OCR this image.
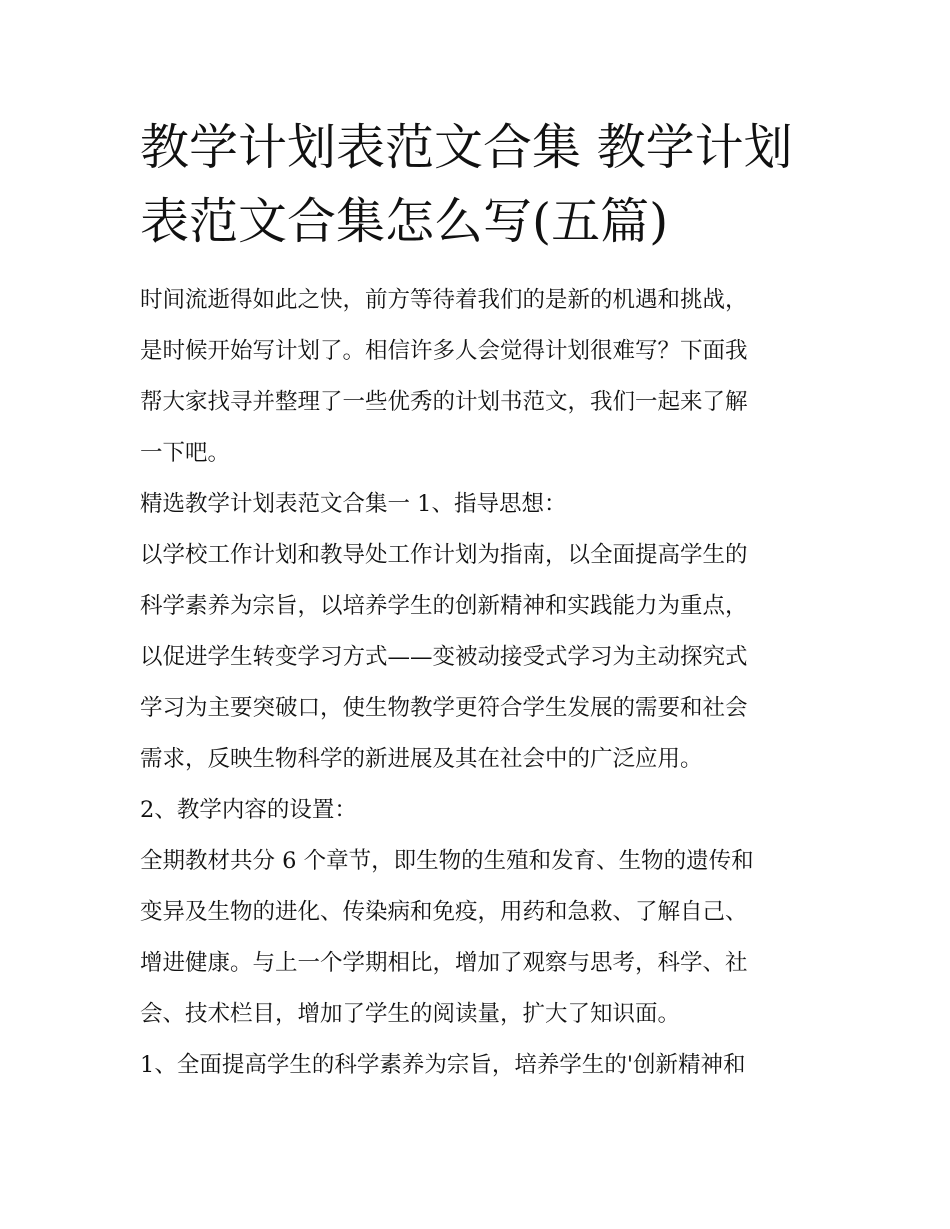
教学计划表范文合集 教学计划
表范文合集怎么写(五篇)
时间流逝得如此之快，前方等待着我们的是新的机遇和挑战，
是时候开始写计划了。相信许多人会觉得计划很难写？下面我
帮大家找寻并整理了一些优秀的计划书范文，我们一起来了解
一下吧。
精选教学计划表范文合集一 1、指导思想：
以学校工作计划和教导处工作计划为指南，以全面提高学生的
科学素养为宗旨，以培养学生的创新精神和实践能力为重点，
以促进学生转变学习方式——变被动接受式学习为主动探究式
学习为主要突破口，使生物教学更符合学生发展的需要和社会
需求，反映生物科学的新进展及其在社会中的广泛应用。
2、教学内容的设置：
全期教材共分 6 个章节，即生物的生殖和发育、生物的遗传和
变异及生物的进化、传染病和免疫，用药和急救、了解自己、
增进健康。与上一个学期相比，增加了观察与思考，科学、社
会、技术栏目，增加了学生的阅读量，扩大了知识面。
1、全面提高学生的科学素养为宗旨，培养学生的'创新精神和
